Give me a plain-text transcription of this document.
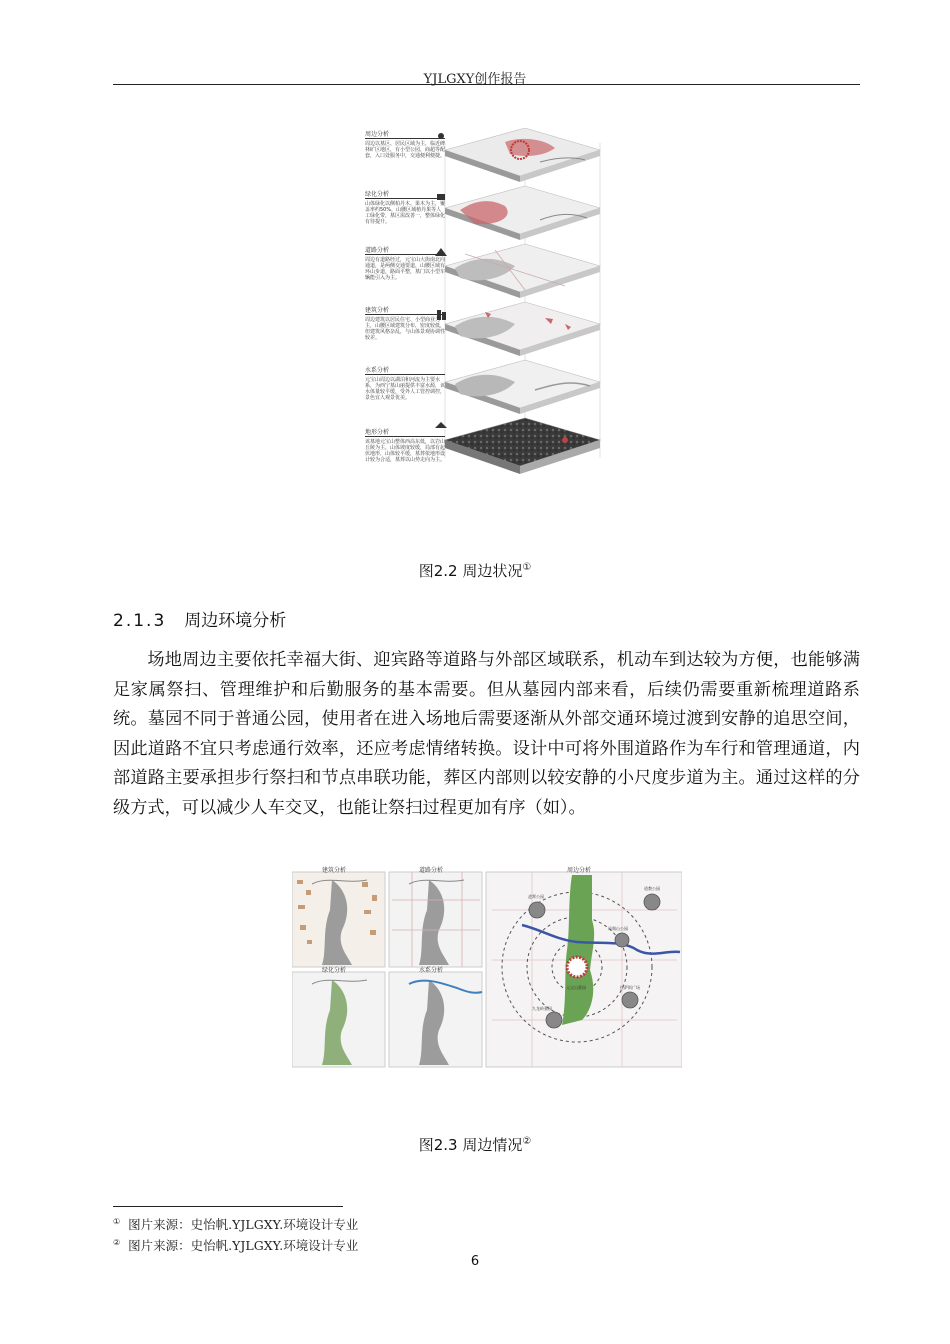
YJLGXY创作报告
周边分析
周边以墓区、居民区域为主，临近碑林矿区地区，有小型公园，商超等配套，入口处服务中，交通便利便捷。
绿化分析
山体绿化以侧柏丹木、果木为主，覆盖率约50%，山腰区域植丹果等人工绿化带，墓区需改善一，整体绿化有待提升。
道路分析
周边有道路经过，元宝山大街南北向通道，是两侧交通要道，山腰区域有环山步道，路面平整，墓门以小型车辆能引入为主。
建筑分析
周边建筑以居民住宅、小型商业为主，山腰区域建筑分布，密度较低，但建筑风格杂乱，与山体景观协调性较差。
水系分析
元宝山周边以湖泊和河流为主要水系，为西宁墓山丽提供丰富水源，该水体量较平缓，受外人工管控调控，景色宜人观景优美。
地形分析
该墓地元宝山整体西高东低，以岩山丘陵为主，山体坡度较缓，局部有起伏地形，山体较平缓，墓葬依地形设计较为合适，墓葬以山势走向为主。
图2.2 周边状况①
2.1.3 周边环境分析
场地周边主要依托幸福大街、迎宾路等道路与外部区域联系，机动车到达较为方便，也能够满足家属祭扫、管理维护和后勤服务的基本需要。但从墓园内部来看，后续仍需要重新梳理道路系统。墓园不同于普通公园，使用者在进入场地后需要逐渐从外部交通环境过渡到安静的追思空间，因此道路不宜只考虑通行效率，还应考虑情绪转换。设计中可将外围道路作为车行和管理通道，内部道路主要承担步行祭扫和节点串联功能，葬区内部则以较安静的小尺度步道为主。通过这样的分级方式，可以减少人车交叉，也能让祭扫过程更加有序（如）。
建筑分析	道路分析	周边分析
绿化分析	水系分析
凌霄公园
道教公园
元宝山墓园
凤凰山公园
拉萨街广场
九龙岭墓园
图2.3 周边情况②
① 图片来源：史怡帆.YJLGXY.环境设计专业
② 图片来源：史怡帆.YJLGXY.环境设计专业
6
